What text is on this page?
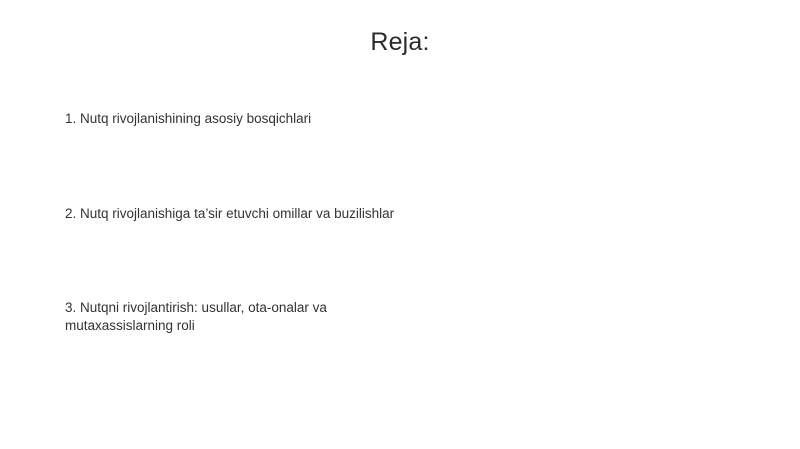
Reja:
1. Nutq rivojlanishining asosiy bosqichlari
2. Nutq rivojlanishiga ta’sir etuvchi omillar va buzilishlar
3. Nutqni rivojlantirish: usullar, ota-onalar va mutaxassislarning roli
